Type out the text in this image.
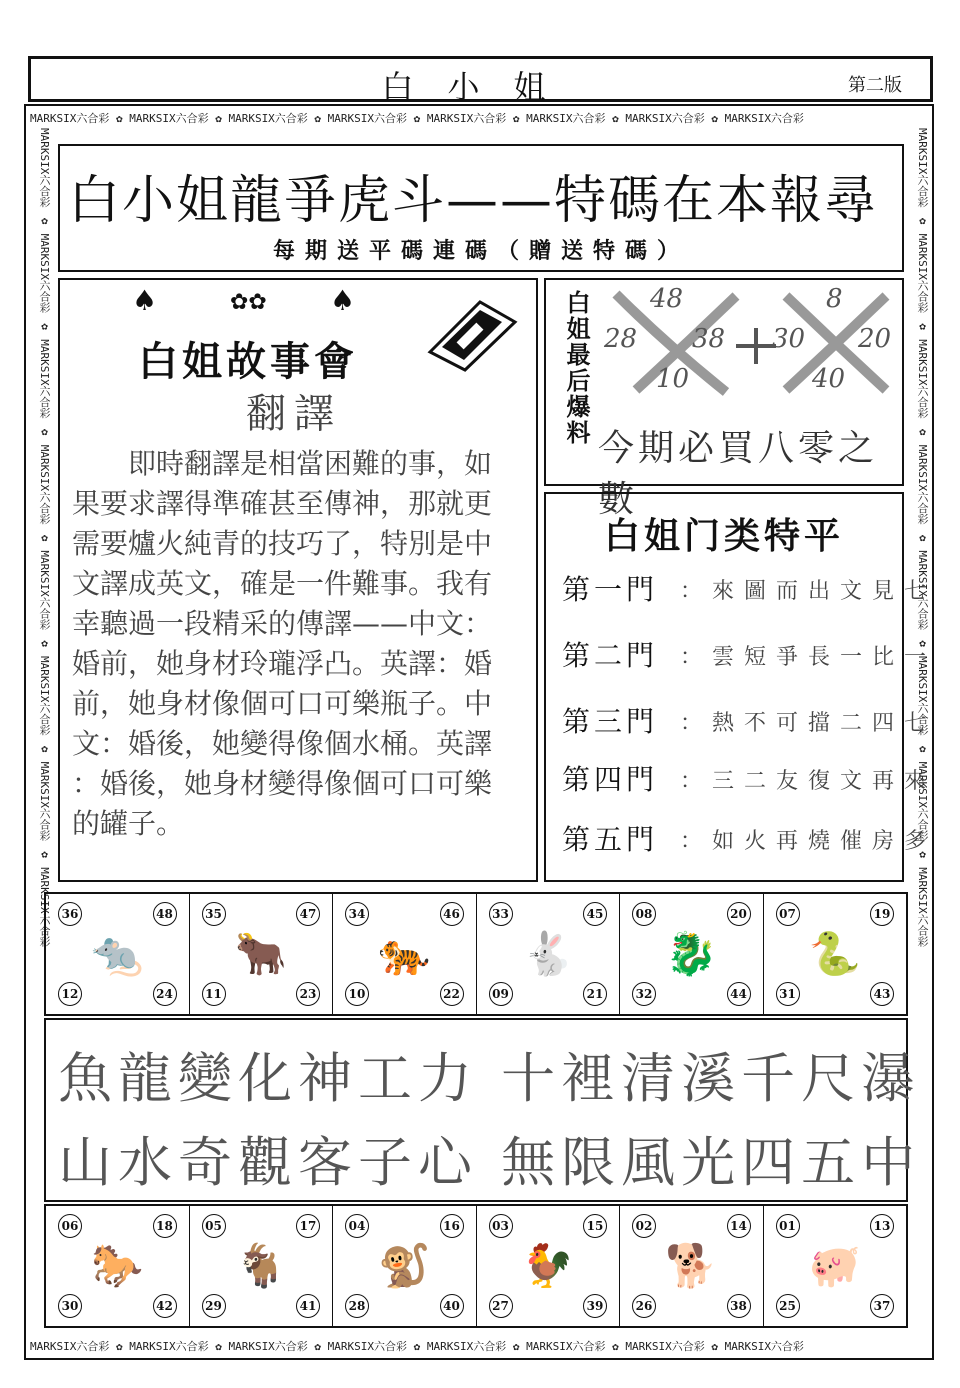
白小姐	第二版
MARKSIX六合彩 ✿ MARKSIX六合彩 ✿ MARKSIX六合彩 ✿ MARKSIX六合彩 ✿ MARKSIX六合彩 ✿ MARKSIX六合彩 ✿ MARKSIX六合彩 ✿ MARKSIX六合彩
MARKSIX六合彩 ✿ MARKSIX六合彩 ✿ MARKSIX六合彩 ✿ MARKSIX六合彩 ✿ MARKSIX六合彩 ✿ MARKSIX六合彩 ✿ MARKSIX六合彩 ✿ MARKSIX六合彩
MARKSIX六合彩 ✿ MARKSIX六合彩 ✿ MARKSIX六合彩 ✿ MARKSIX六合彩 ✿ MARKSIX六合彩 ✿ MARKSIX六合彩 ✿ MARKSIX六合彩 ✿ MARKSIX六合彩	MARKSIX六合彩 ✿ MARKSIX六合彩 ✿ MARKSIX六合彩 ✿ MARKSIX六合彩 ✿ MARKSIX六合彩 ✿ MARKSIX六合彩 ✿ MARKSIX六合彩 ✿ MARKSIX六合彩
白小姐龍爭虎斗——特碼在本報尋
每期送平碼連碼（贈送特碼）
♠	✿✿ ♠
白姐故事會
翻譯
即時翻譯是相當困難的事，如
果要求譯得準確甚至傳神，那就更
需要爐火純青的技巧了，特別是中
文譯成英文，確是一件難事。我有
幸聽過一段精采的傳譯——中文：
婚前，她身材玲瓏浮凸。英譯：婚
前，她身材像個可口可樂瓶子。中
文：婚後，她變得像個水桶。英譯
：婚後，她身材變得像個可口可樂
的罐子。
白姐最后爆料 28
48
10
38 30
8
20
40
今期必買八零之數
白姐门类特平
第一門 ：來圖而出文見七
第二門 ：雲短爭長一比一
第三門 ：熱不可擋二四七
第四門 ：三二友復文再來
第五門 ：如火再燒催房多
36	48
🐀
12	24
35	47
🐂
11	23
34	46
🐅
10	22
33	45
🐇
09	21
08	20
🐉
32	44
07	19
🐍
31	43
魚龍變化神工力 十裡清溪千尺瀑
山水奇觀客子心 無限風光四五中
06	18
🐎
30	42
05	17
🐐
29	41
04	16
🐒
28	40
03	15
🐓
27	39
02	14
🐕
26	38
01	13
🐖
25	37
